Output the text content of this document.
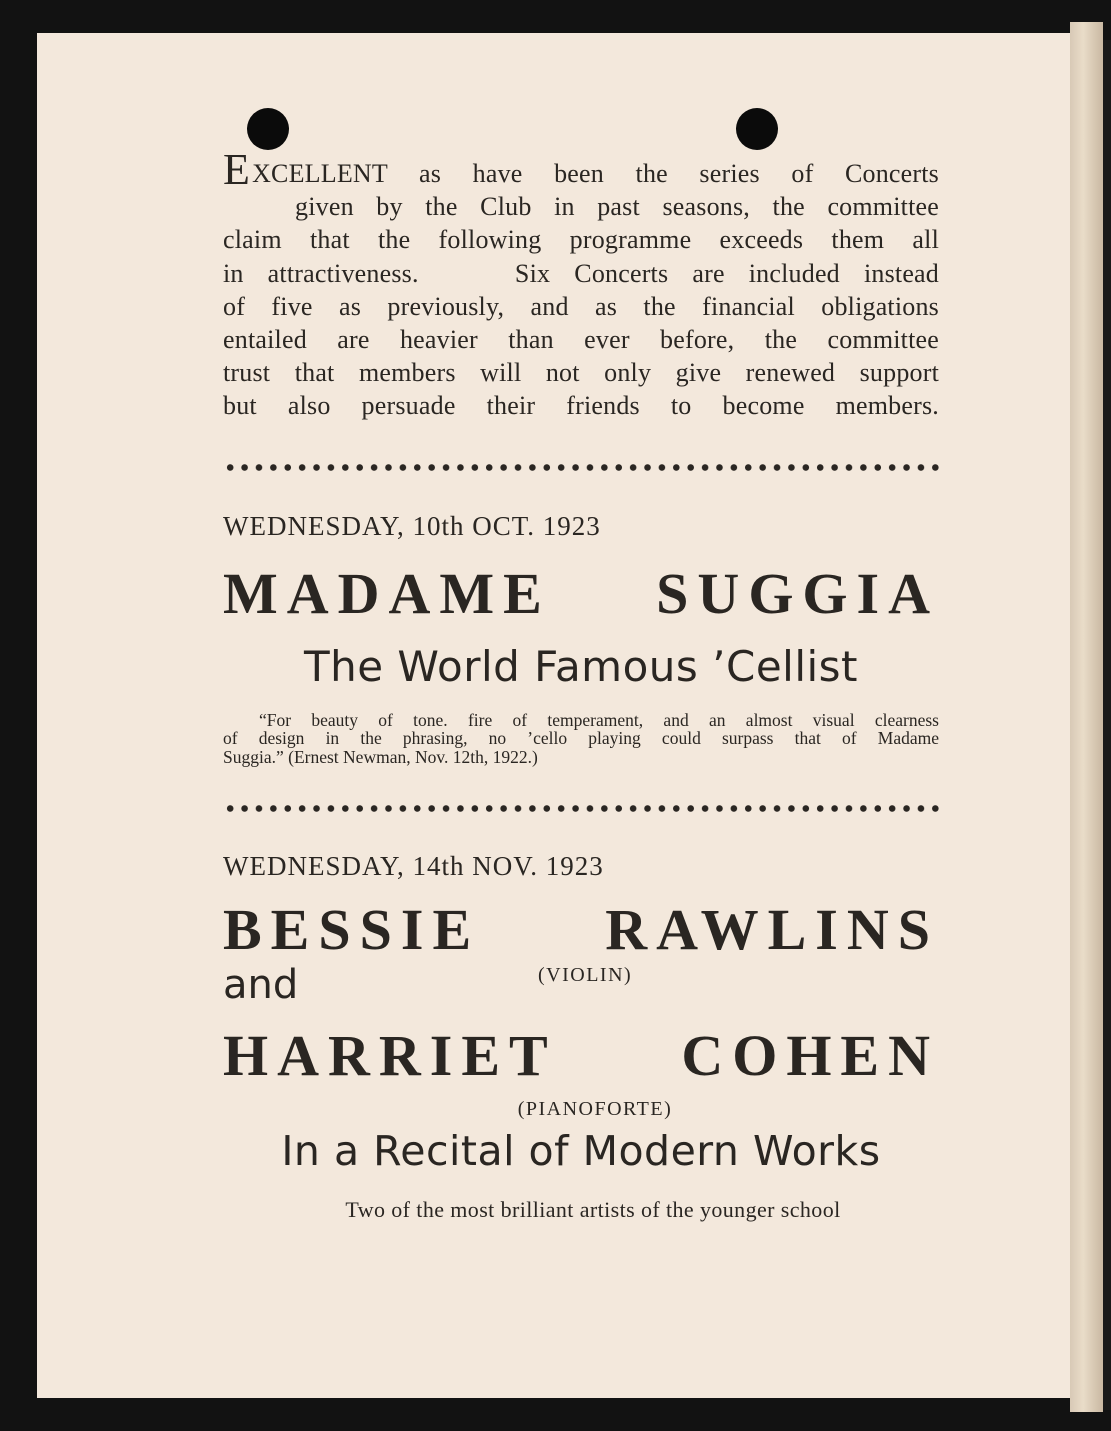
EXCELLENT as have been the series of Concerts
given by the Club in past seasons, the committee
claim that the following programme exceeds them all
in attractiveness.    Six Concerts are included instead
of five as previously, and as the financial obligations
entailed are heavier than ever before, the committee
trust that members will not only give renewed support
but also persuade their friends to become members.

WEDNESDAY, 10th OCT. 1923

MADAME SUGGIA

The World Famous ’Cellist

“For beauty of tone. fire of temperament, and an almost visual clearness
of design in the phrasing, no ’cello playing could surpass that of Madame
Suggia.” (Ernest Newman, Nov. 12th, 1922.)

WEDNESDAY, 14th NOV. 1923

BESSIE RAWLINS

and	(VIOLIN)

HARRIET COHEN

(PIANOFORTE)

In a Recital of Modern Works

Two of the most brilliant artists of the younger school
